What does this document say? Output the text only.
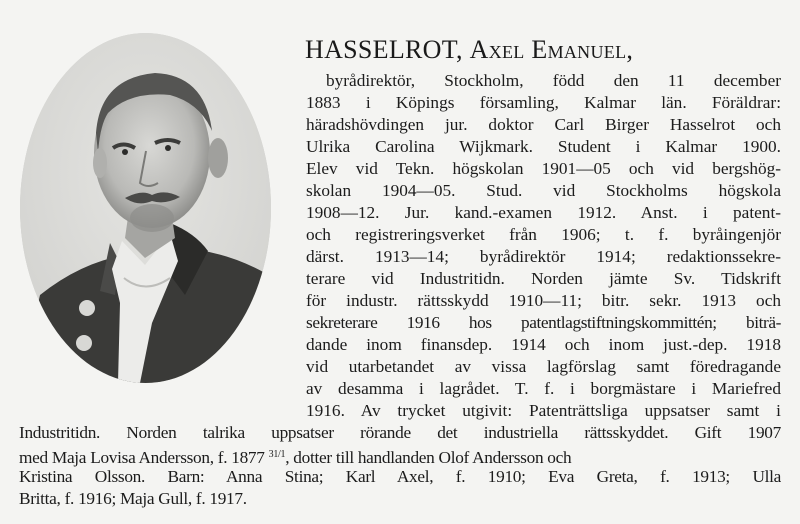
HASSELROT, Axel Emanuel,
byrådirektör, Stockholm, född den 11 december
1883 i Köpings församling, Kalmar län. Föräldrar:
häradshövdingen jur. doktor Carl Birger Hasselrot och
Ulrika Carolina Wijkmark. Student i Kalmar 1900.
Elev vid Tekn. högskolan 1901—05 och vid bergshög-
skolan 1904—05. Stud. vid Stockholms högskola
1908—12. Jur. kand.-examen 1912. Anst. i patent-
och registreringsverket från 1906; t. f. byråingenjör
därst. 1913—14; byrådirektör 1914; redaktionssekre-
terare vid Industritidn. Norden jämte Sv. Tidskrift
för industr. rättsskydd 1910—11; bitr. sekr. 1913 och
sekreterare 1916 hos patentlagstiftningskommittén; biträ-
dande inom finansdep. 1914 och inom just.-dep. 1918
vid utarbetandet av vissa lagförslag samt föredragande
av desamma i lagrådet. T. f. i borgmästare i Mariefred
1916. Av trycket utgivit: Patenträttsliga uppsatser samt i
Industritidn. Norden talrika uppsatser rörande det industriella rättsskyddet. Gift 1907
med Maja Lovisa Andersson, f. 1877 $^{31/1}$, dotter till handlanden Olof Andersson och
Kristina Olsson. Barn: Anna Stina; Karl Axel, f. 1910; Eva Greta, f. 1913; Ulla
Britta, f. 1916; Maja Gull, f. 1917.
